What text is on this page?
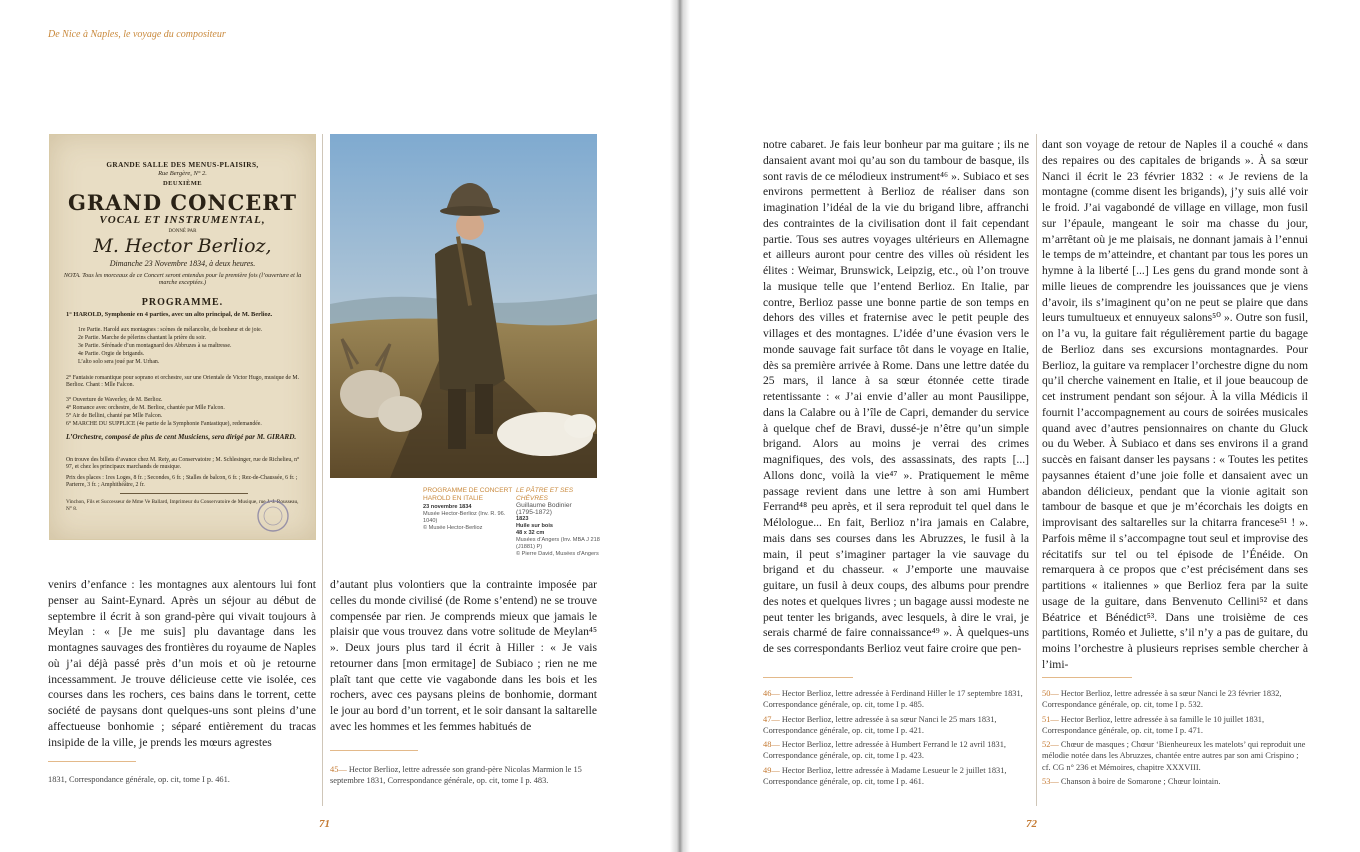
De Nice à Naples, le voyage du compositeur
GRANDE SALLE DES MENUS-PLAISIRS,
Rue Bergère, N° 2.
DEUXIÈME
GRAND CONCERT
VOCAL ET INSTRUMENTAL,
DONNÉ PAR
M. Hector Berlioz,
Dimanche 23 Novembre 1834, à deux heures.
NOTA. Tous les morceaux de ce Concert seront entendus pour la première fois (l’ouverture et la marche exceptées.)
PROGRAMME.
1° HAROLD, Symphonie en 4 parties, avec un alto principal, de M. Berlioz.
1re Partie. Harold aux montagnes : scènes de mélancolie, de bonheur et de joie.
2e Partie. Marche de pèlerins chantant la prière du soir.
3e Partie. Sérénade d’un montagnard des Abbruzes à sa maîtresse.
4e Partie. Orgie de brigands.
L’alto solo sera joué par M. Urhan.
2° Fantaisie romantique pour soprano et orchestre, sur une Orientale de Victor Hugo, musique de M. Berlioz. Chant : Mlle Falcon.
3° Ouverture de Waverley, de M. Berlioz.
4° Romance avec orchestre, de M. Berlioz, chantée par Mlle Falcon.
5° Air de Bellini, chanté par Mlle Falcon.
6° MARCHE DU SUPPLICE (4e partie de la Symphonie Fantastique), redemandée.
L’Orchestre, composé de plus de cent Musiciens, sera dirigé par M. GIRARD.
On trouve des billets d’avance chez M. Rety, au Conservatoire ; M. Schlesinger, rue de Richelieu, n° 97, et chez les principaux marchands de musique.
Prix des places : 1res Loges, 8 fr. ; Secondes, 6 fr. ; Stalles de balcon, 6 fr. ; Rez-de-Chaussée, 6 fr. ; Parterre, 3 fr. ; Amphithéâtre, 2 fr.
Vinchon, Fils et Successeur de Mme Ve Ballard, Imprimeur du Conservatoire de Musique, rue J.-J. Rousseau, N° 8.
PROGRAMME DE CONCERT HAROLD EN ITALIE
23 novembre 1834
Musée Hector-Berlioz (Inv. R. 96. 1040)
© Musée Hector-Berlioz
LE PÂTRE ET SES CHÈVRES
Guillaume Bodinier
(1795-1872)
1823
Huile sur bois
48 x 32 cm
Musées d’Angers (Inv. MBA J 218 (J1881) P)
© Pierre David, Musées d’Angers

venirs d’enfance : les montagnes aux alentours lui font penser au Saint-Eynard. Après un séjour au début de septembre il écrit à son grand-père qui vivait toujours à Meylan : « [Je me suis] plu davantage dans les montagnes sauvages des frontières du royaume de Naples où j’ai déjà passé près d’un mois et où je retourne incessamment. Je trouve délicieuse cette vie isolée, ces courses dans les rochers, ces bains dans le torrent, cette société de paysans dont quelques-uns sont pleins d’une affectueuse bonhomie ; séparé entièrement du tracas insipide de la ville, je prends les mœurs agrestes

d’autant plus volontiers que la contrainte imposée par celles du monde civilisé (de Rome s’entend) ne se trouve compensée par rien. Je comprends mieux que jamais le plaisir que vous trouvez dans votre solitude de Meylan⁴⁵ ». Deux jours plus tard il écrit à Hiller : « Je vais retourner dans [mon ermitage] de Subiaco ; rien ne me plaît tant que cette vie vagabonde dans les bois et les rochers, avec ces paysans pleins de bonhomie, dormant le jour au bord d’un torrent, et le soir dansant la saltarelle avec les hommes et les femmes habitués de

1831, Correspondance générale, op. cit, tome I p. 461.
45— Hector Berlioz, lettre adressée son grand-père Nicolas Marmion le 15 septembre 1831, Correspondance générale, op. cit, tome I p. 483.
71

notre cabaret. Je fais leur bonheur par ma guitare ; ils ne dansaient avant moi qu’au son du tambour de basque, ils sont ravis de ce mélodieux instrument⁴⁶ ». Subiaco et ses environs permettent à Berlioz de réaliser dans son imagination l’idéal de la vie du brigand libre, affranchi des contraintes de la civilisation dont il fait cependant partie. Tous ses autres voyages ultérieurs en Allemagne et ailleurs auront pour centre des villes où résident les élites : Weimar, Brunswick, Leipzig, etc., où l’on trouve la musique telle que l’entend Berlioz. En Italie, par contre, Berlioz passe une bonne partie de son temps en dehors des villes et fraternise avec le petit peuple des villages et des montagnes. L’idée d’une évasion vers le monde sauvage fait surface tôt dans le voyage en Italie, dès sa première arrivée à Rome. Dans une lettre datée du 25 mars, il lance à sa sœur étonnée cette tirade retentissante : « J’ai envie d’aller au mont Pausilippe, dans la Calabre ou à l’île de Capri, demander du service à quelque chef de Bravi, dussé-je n’être qu’un simple brigand. Alors au moins je verrai des crimes magnifiques, des vols, des assassinats, des rapts [...] Allons donc, voilà la vie⁴⁷ ». Pratiquement le même passage revient dans une lettre à son ami Humbert Ferrand⁴⁸ peu après, et il sera reproduit tel quel dans le Mélologue... En fait, Berlioz n’ira jamais en Calabre, mais dans ses courses dans les Abruzzes, le fusil à la main, il peut s’imaginer partager la vie sauvage du brigand et du chasseur. « J’emporte une mauvaise guitare, un fusil à deux coups, des albums pour prendre des notes et quelques livres ; un bagage aussi modeste ne peut tenter les brigands, avec lesquels, à dire le vrai, je serais charmé de faire connaissance⁴⁹ ». À quelques-uns de ses correspondants Berlioz veut faire croire que pen-

dant son voyage de retour de Naples il a couché « dans des repaires ou des capitales de brigands ». À sa sœur Nanci il écrit le 23 février 1832 : « Je reviens de la montagne (comme disent les brigands), j’y suis allé voir le froid. J’ai vagabondé de village en village, mon fusil sur l’épaule, mangeant le soir ma chasse du jour, m’arrêtant où je me plaisais, ne donnant jamais à l’ennui le temps de m’atteindre, et chantant par tous les pores un hymne à la liberté [...] Les gens du grand monde sont à mille lieues de comprendre les jouissances que je viens d’avoir, ils s’imaginent qu’on ne peut se plaire que dans leurs tumultueux et ennuyeux salons⁵⁰ ». Outre son fusil, on l’a vu, la guitare fait régulièrement partie du bagage de Berlioz dans ses excursions montagnardes. Pour Berlioz, la guitare va remplacer l’orchestre digne du nom qu’il cherche vainement en Italie, et il joue beaucoup de cet instrument pendant son séjour. À la villa Médicis il fournit l’accompagnement au cours de soirées musicales quand avec d’autres pensionnaires on chante du Gluck ou du Weber. À Subiaco et dans ses environs il a grand succès en faisant danser les paysans : « Toutes les petites paysannes étaient d’une joie folle et dansaient avec un abandon délicieux, pendant que la vionie agitait son tambour de basque et que je m’écorchais les doigts en improvisant des saltarelles sur la chitarra francese⁵¹ ! ». Parfois même il s’accompagne tout seul et improvise des récitatifs sur tel ou tel épisode de l’Énéide. On remarquera à ce propos que c’est précisément dans ses partitions « italiennes » que Berlioz fera par la suite usage de la guitare, dans Benvenuto Cellini⁵² et dans Béatrice et Bénédict⁵³. Dans une troisième de ces partitions, Roméo et Juliette, s’il n’y a pas de guitare, du moins l’orchestre à plusieurs reprises semble chercher à l’imi-

46— Hector Berlioz, lettre adressée à Ferdinand Hiller le 17 septembre 1831, Correspondance générale, op. cit, tome I p. 485.
47— Hector Berlioz, lettre adressée à sa sœur Nanci le 25 mars 1831, Correspondance générale, op. cit, tome I p. 421.
48— Hector Berlioz, lettre adressée à Humbert Ferrand le 12 avril 1831, Correspondance générale, op. cit, tome I p. 423.
49— Hector Berlioz, lettre adressée à Madame Lesueur le 2 juillet 1831, Correspondance générale, op. cit, tome I p. 461.
50— Hector Berlioz, lettre adressée à sa sœur Nanci le 23 février 1832, Correspondance générale, op. cit, tome I p. 532.
51— Hector Berlioz, lettre adressée à sa famille le 10 juillet 1831, Correspondance générale, op. cit, tome I p. 471.
52— Chœur de masques ; Chœur ‘Bienheureux les matelots’ qui reproduit une mélodie notée dans les Abruzzes, chantée entre autres par son ami Crispino ; cf. CG n° 236 et Mémoires, chapitre XXXVIII.
53— Chanson à boire de Somarone ; Chœur lointain.
72
